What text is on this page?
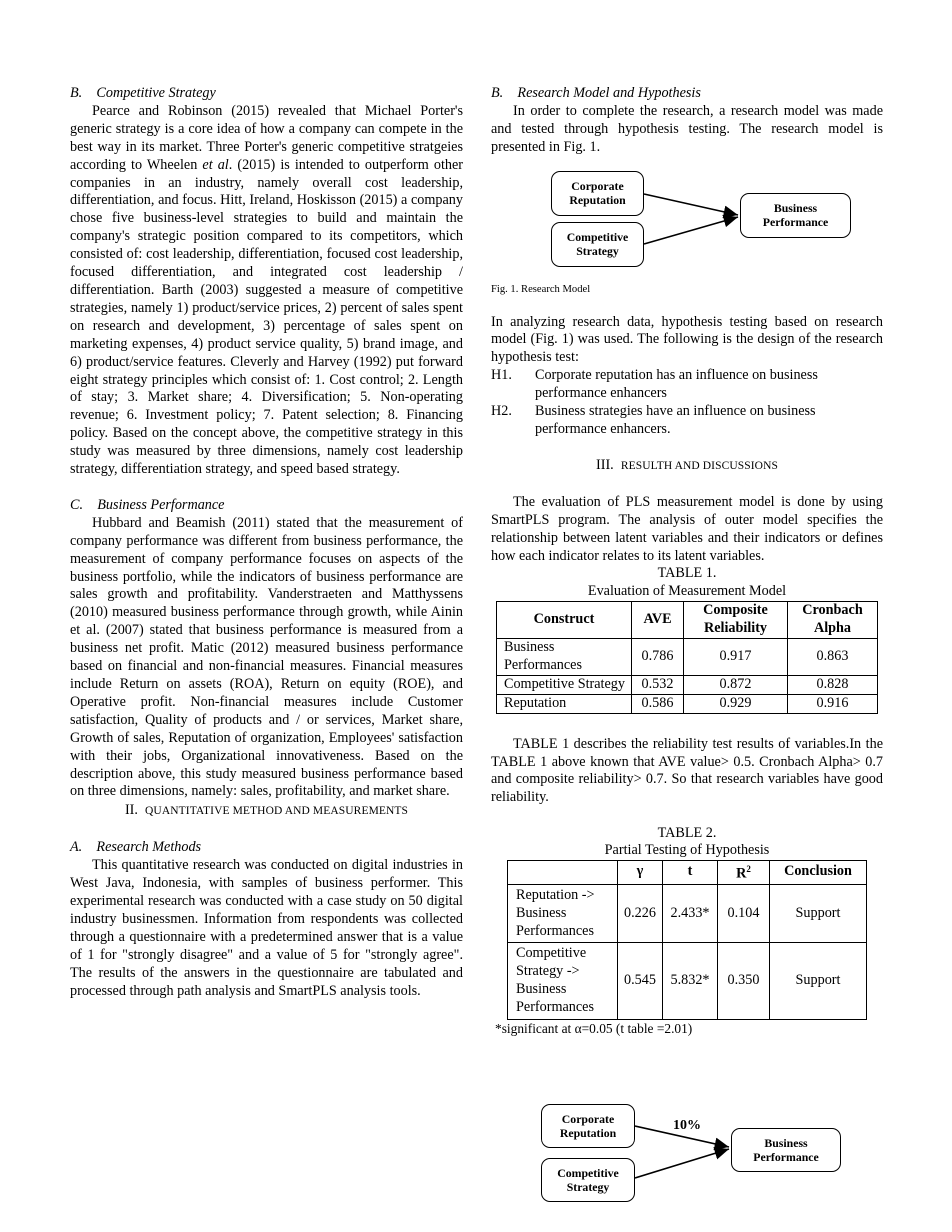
B. Competitive Strategy

Pearce and Robinson (2015) revealed that Michael Porter's generic strategy is a core idea of how a company can compete in the best way in its market. Three Porter's generic competitive stratgeies according to Wheelen et al. (2015) is intended to outperform other companies in an industry, namely overall cost leadership, differentiation, and focus. Hitt, Ireland, Hoskisson (2015) a company chose five business-level strategies to build and maintain the company's strategic position compared to its competitors, which consisted of: cost leadership, differentiation, focused cost leadership, focused differentiation, and integrated cost leadership / differentiation. Barth (2003) suggested a measure of competitive strategies, namely 1) product/service prices, 2) percent of sales spent on research and development, 3) percentage of sales spent on marketing expenses, 4) product service quality, 5) brand image, and 6) product/service features. Cleverly and Harvey (1992) put forward eight strategy principles which consist of: 1. Cost control; 2. Length of stay; 3. Market share; 4. Diversification; 5. Non-operating revenue; 6. Investment policy; 7. Patent selection; 8. Financing policy. Based on the concept above, the competitive strategy in this study was measured by three dimensions, namely cost leadership strategy, differentiation strategy, and speed based strategy.

C. Business Performance

Hubbard and Beamish (2011) stated that the measurement of company performance was different from business performance, the measurement of company performance focuses on aspects of the business portfolio, while the indicators of business performance are sales growth and profitability. Vanderstraeten and Matthyssens (2010) measured business performance through growth, while Ainin et al. (2007) stated that business performance is measured from a business net profit. Matic (2012) measured business performance based on financial and non-financial measures. Financial measures include Return on assets (ROA), Return on equity (ROE), and Operative profit. Non-financial measures include Customer satisfaction, Quality of products and / or services, Market share, Growth of sales, Reputation of organization, Employees' satisfaction with their jobs, Organizational innovativeness. Based on the description above, this study measured business performance based on three dimensions, namely: sales, profitability, and market share.

II. QUANTITATIVE METHOD AND MEASUREMENTS
A. Research Methods

This quantitative research was conducted on digital industries in West Java, Indonesia, with samples of business performer. This experimental research was conducted with a case study on 50 digital industry businessmen. Information from respondents was collected through a questionnaire with a predetermined answer that is a value of 1 for "strongly disagree" and a value of 5 for "strongly agree". The results of the answers in the questionnaire are tabulated and processed through path analysis and SmartPLS analysis tools.

B. Research Model and Hypothesis

In order to complete the research, a research model was made and tested through hypothesis testing. The research model is presented in Fig. 1.

Corporate Reputation
Competitive Strategy
Business Performance
Fig. 1. Research Model

In analyzing research data, hypothesis testing based on research model (Fig. 1) was used. The following is the design of the research hypothesis test:

H1.	Corporate reputation has an influence on business performance enhancers
H2.	Business strategies have an influence on business performance enhancers.
III. RESULTH AND DISCUSSIONS

The evaluation of PLS measurement model is done by using SmartPLS program. The analysis of outer model specifies the relationship between latent variables and their indicators or defines how each indicator relates to its latent variables.

TABLE 1.
Evaluation of Measurement Model
Construct	AVE	Composite Reliability	Cronbach Alpha
Business Performances	0.786	0.917	0.863
Competitive Strategy	0.532	0.872	0.828
Reputation	0.586	0.929	0.916

TABLE 1 describes the reliability test results of variables.In the TABLE 1 above known that AVE value> 0.5. Cronbach Alpha> 0.7 and composite reliability> 0.7. So that research variables have good reliability.

TABLE 2.
Partial Testing of Hypothesis
	γ	t	$R^2$	Conclusion
Reputation -> Business Performances	0.226	2.433*	0.104	Support
Competitive Strategy -> Business Performances	0.545	5.832*	0.350	Support
*significant at α=0.05 (t table =2.01)
Corporate Reputation
Competitive Strategy
Business Performance
10%
